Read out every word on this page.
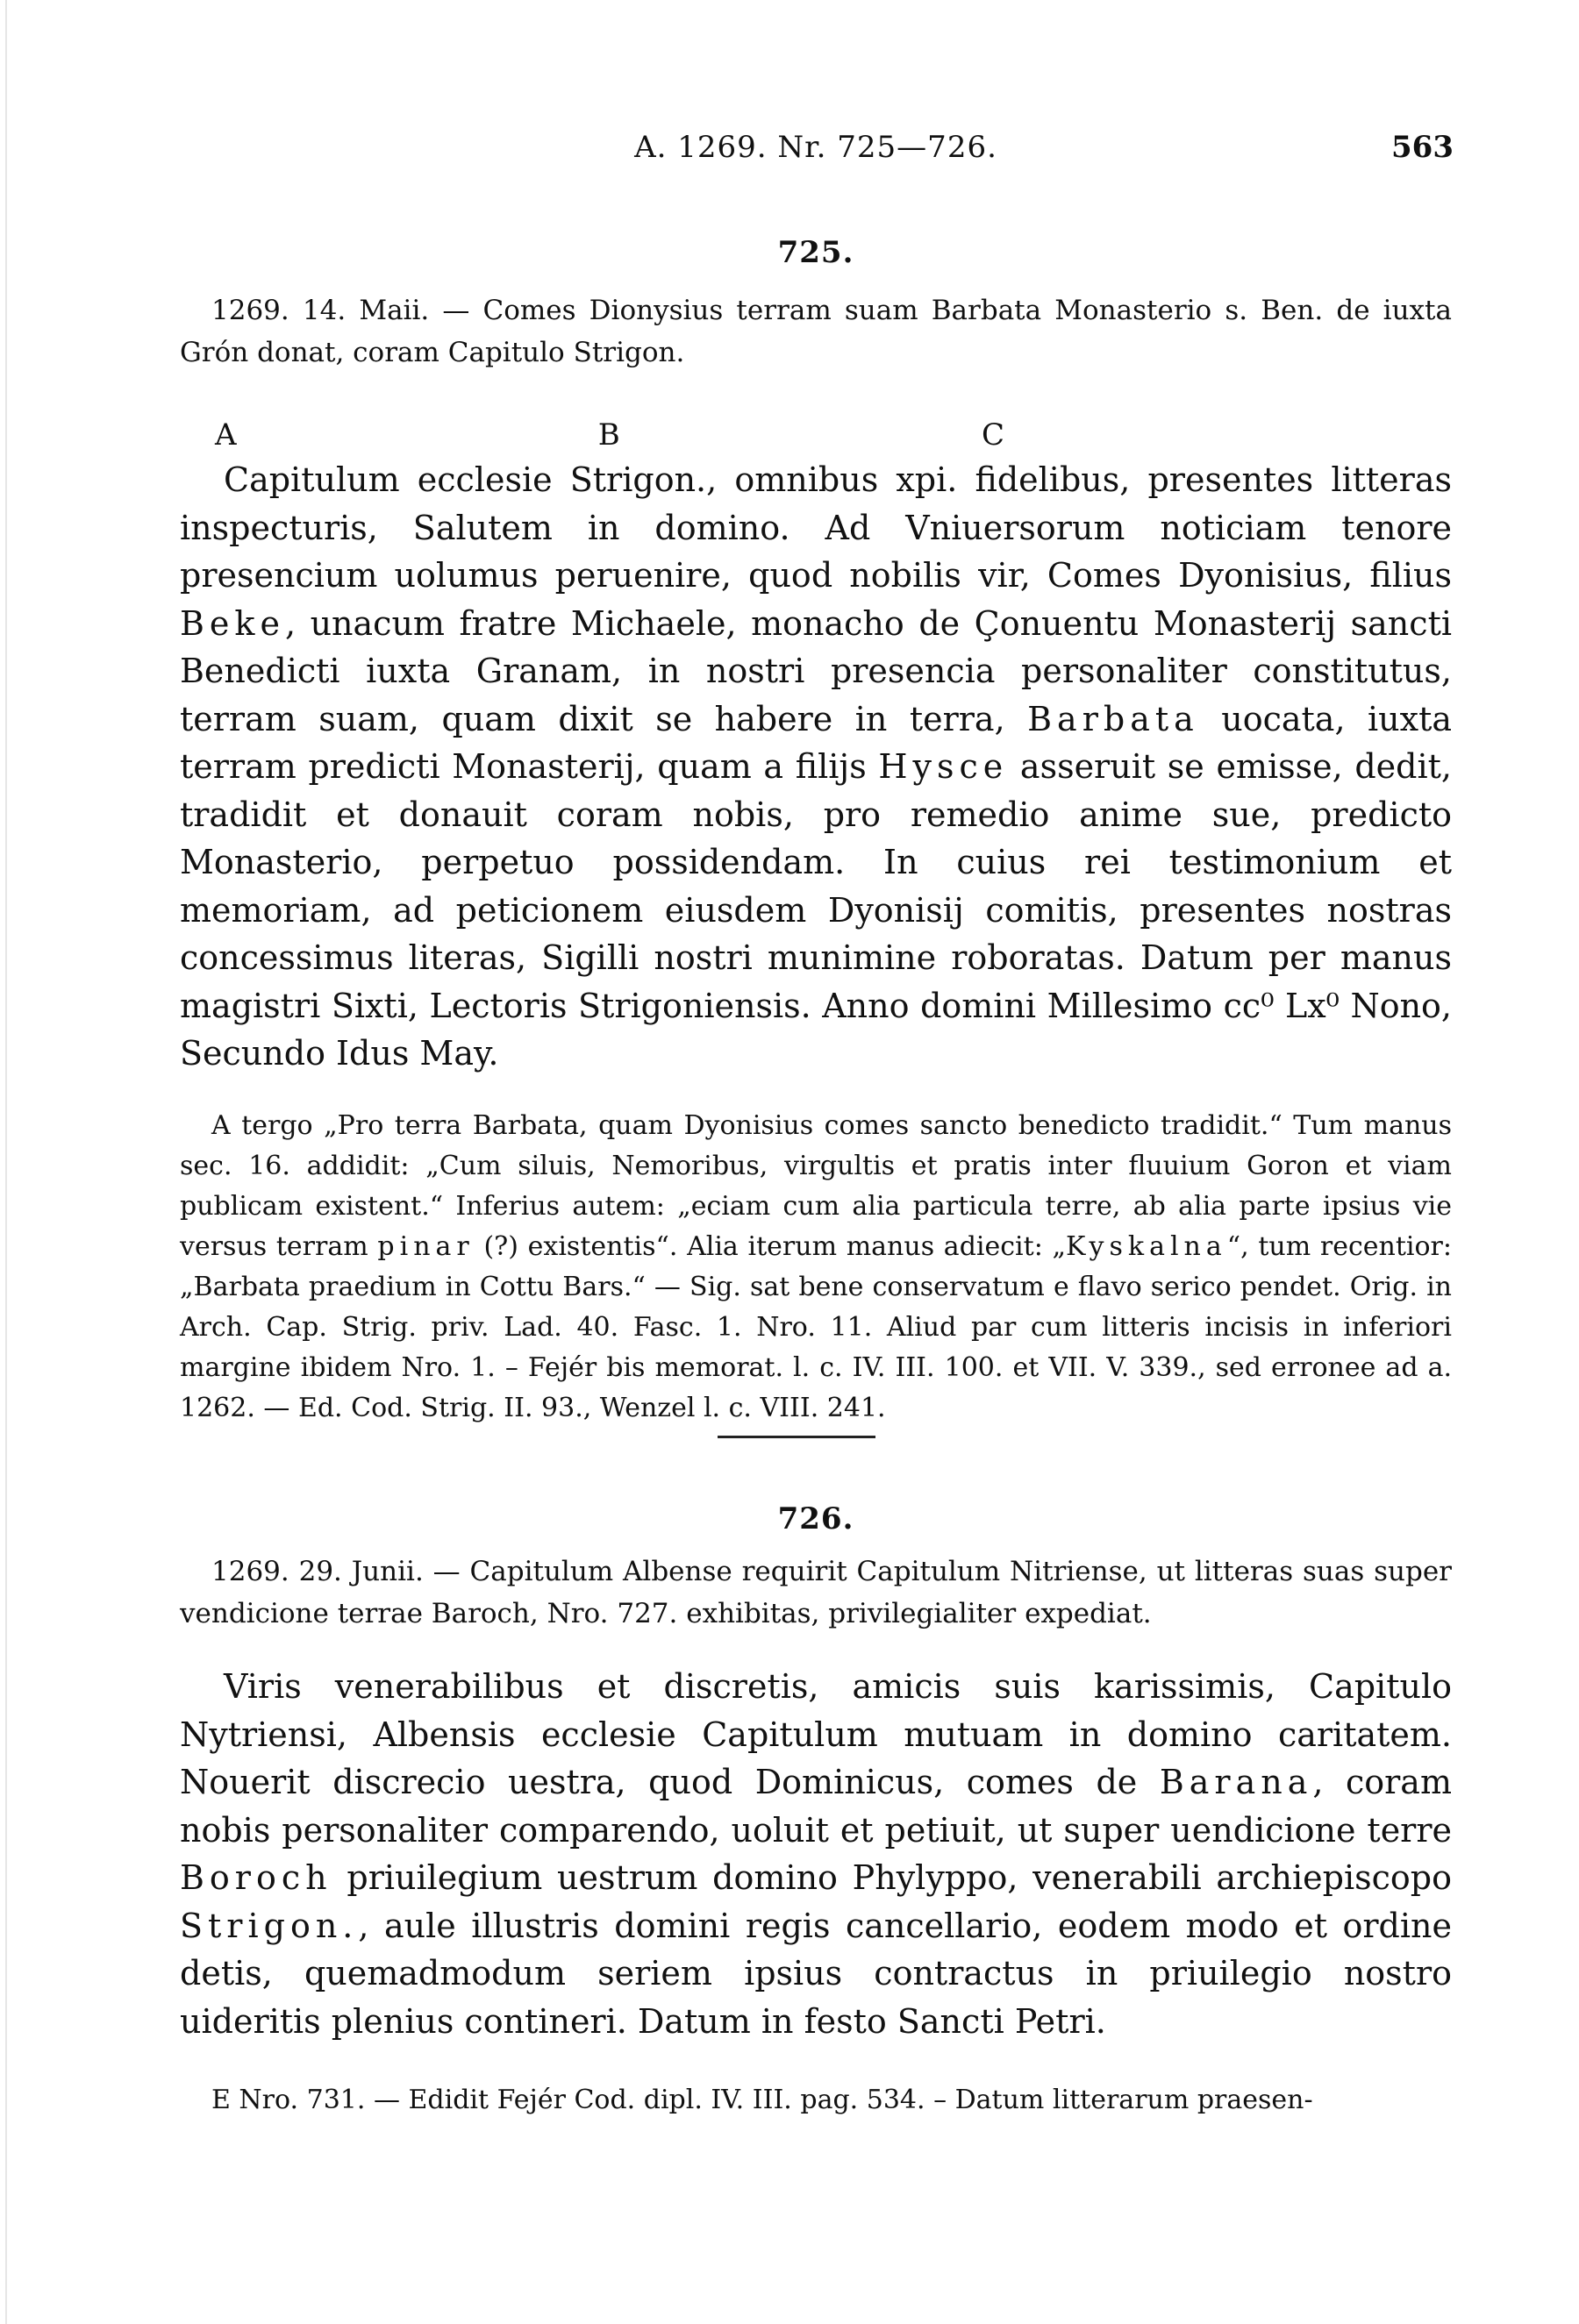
A. 1269. Nr. 725—726.	563

725.

1269. 14. Maii. — Comes Dionysius terram suam Barbata Monasterio s. Ben. de iuxta Grón donat, coram Capitulo Strigon.

A	B	C

Capitulum ecclesie Strigon., omnibus xpi. fidelibus, presentes litteras inspecturis, Salutem in domino. Ad Vniuersorum noticiam tenore presencium uolumus peruenire, quod nobilis vir, Comes Dyonisius, filius Beke, unacum fratre Michaele, monacho de Çonuentu Monasterij sancti Benedicti iuxta Granam, in nostri presencia personaliter constitutus, terram suam, quam dixit se habere in terra, Barbata uocata, iuxta terram predicti Monasterij, quam a filijs Hysce asseruit se emisse, dedit, tradidit et donauit coram nobis, pro remedio anime sue, predicto Monasterio, perpetuo possidendam. In cuius rei testimonium et memoriam, ad peticionem eiusdem Dyonisij comitis, presentes nostras concessimus literas, Sigilli nostri munimine roboratas. Datum per manus magistri Sixti, Lectoris Strigoniensis. Anno domini Millesimo cc⁰ Lx⁰ Nono, Secundo Idus May.

A tergo „Pro terra Barbata, quam Dyonisius comes sancto benedicto tradidit.“ Tum manus sec. 16. addidit: „Cum siluis, Nemoribus, virgultis et pratis inter fluuium Goron et viam publicam existent.“ Inferius autem: „eciam cum alia particula terre, ab alia parte ipsius vie versus terram pinar (?) existentis“. Alia iterum manus adiecit: „Kyskalna“, tum recentior: „Barbata praedium in Cottu Bars.“ — Sig. sat bene conservatum e flavo serico pendet. Orig. in Arch. Cap. Strig. priv. Lad. 40. Fasc. 1. Nro. 11. Aliud par cum litteris incisis in inferiori margine ibidem Nro. 1. – Fejér bis memorat. l. c. IV. III. 100. et VII. V. 339., sed erronee ad a. 1262. — Ed. Cod. Strig. II. 93., Wenzel l. c. VIII. 241.

726.

1269. 29. Junii. — Capitulum Albense requirit Capitulum Nitriense, ut litteras suas super vendicione terrae Baroch, Nro. 727. exhibitas, privilegialiter expediat.

Viris venerabilibus et discretis, amicis suis karissimis, Capitulo Nytriensi, Albensis ecclesie Capitulum mutuam in domino caritatem. Nouerit discrecio uestra, quod Dominicus, comes de Barana, coram nobis personaliter comparendo, uoluit et petiuit, ut super uendicione terre Boroch priuilegium uestrum domino Phylyppo, venerabili archiepiscopo Strigon., aule illustris domini regis cancellario, eodem modo et ordine detis, quemadmodum seriem ipsius contractus in priuilegio nostro uideritis plenius contineri. Datum in festo Sancti Petri.

E Nro. 731. — Edidit Fejér Cod. dipl. IV. III. pag. 534. – Datum litterarum praesen-
